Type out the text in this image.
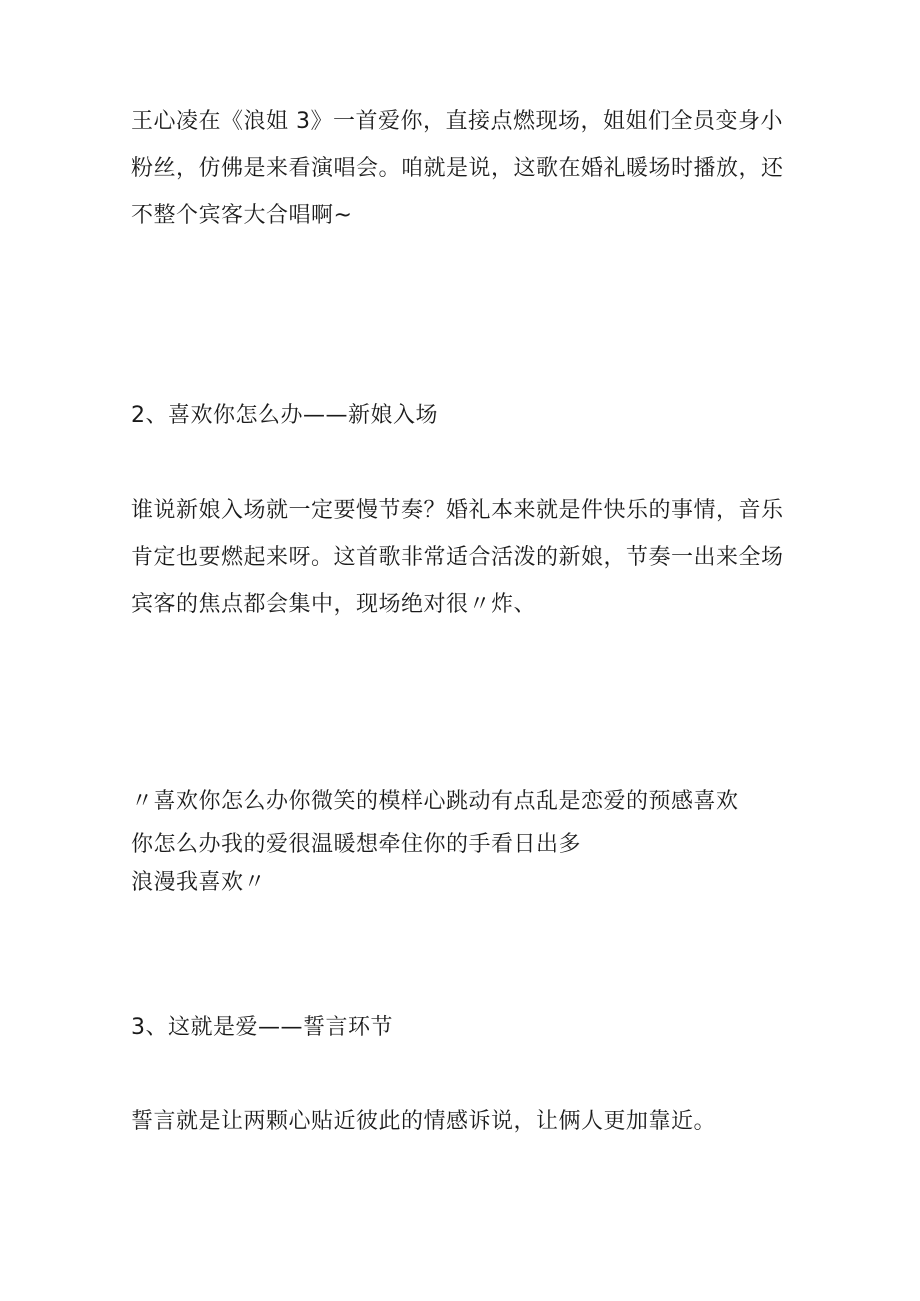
王心凌在《浪姐 3》一首爱你，直接点燃现场，姐姐们全员变身小
粉丝，仿佛是来看演唱会。咱就是说，这歌在婚礼暖场时播放，还
不整个宾客大合唱啊~

2、喜欢你怎么办——新娘入场

谁说新娘入场就一定要慢节奏？婚礼本来就是件快乐的事情，音乐
肯定也要燃起来呀。这首歌非常适合活泼的新娘，节奏一出来全场
宾客的焦点都会集中，现场绝对很〃炸、

〃喜欢你怎么办你微笑的模样心跳动有点乱是恋爱的预感喜欢
你怎么办我的爱很温暖想牵住你的手看日出多
浪漫我喜欢〃

3、这就是爱——誓言环节

誓言就是让两颗心贴近彼此的情感诉说，让俩人更加靠近。
